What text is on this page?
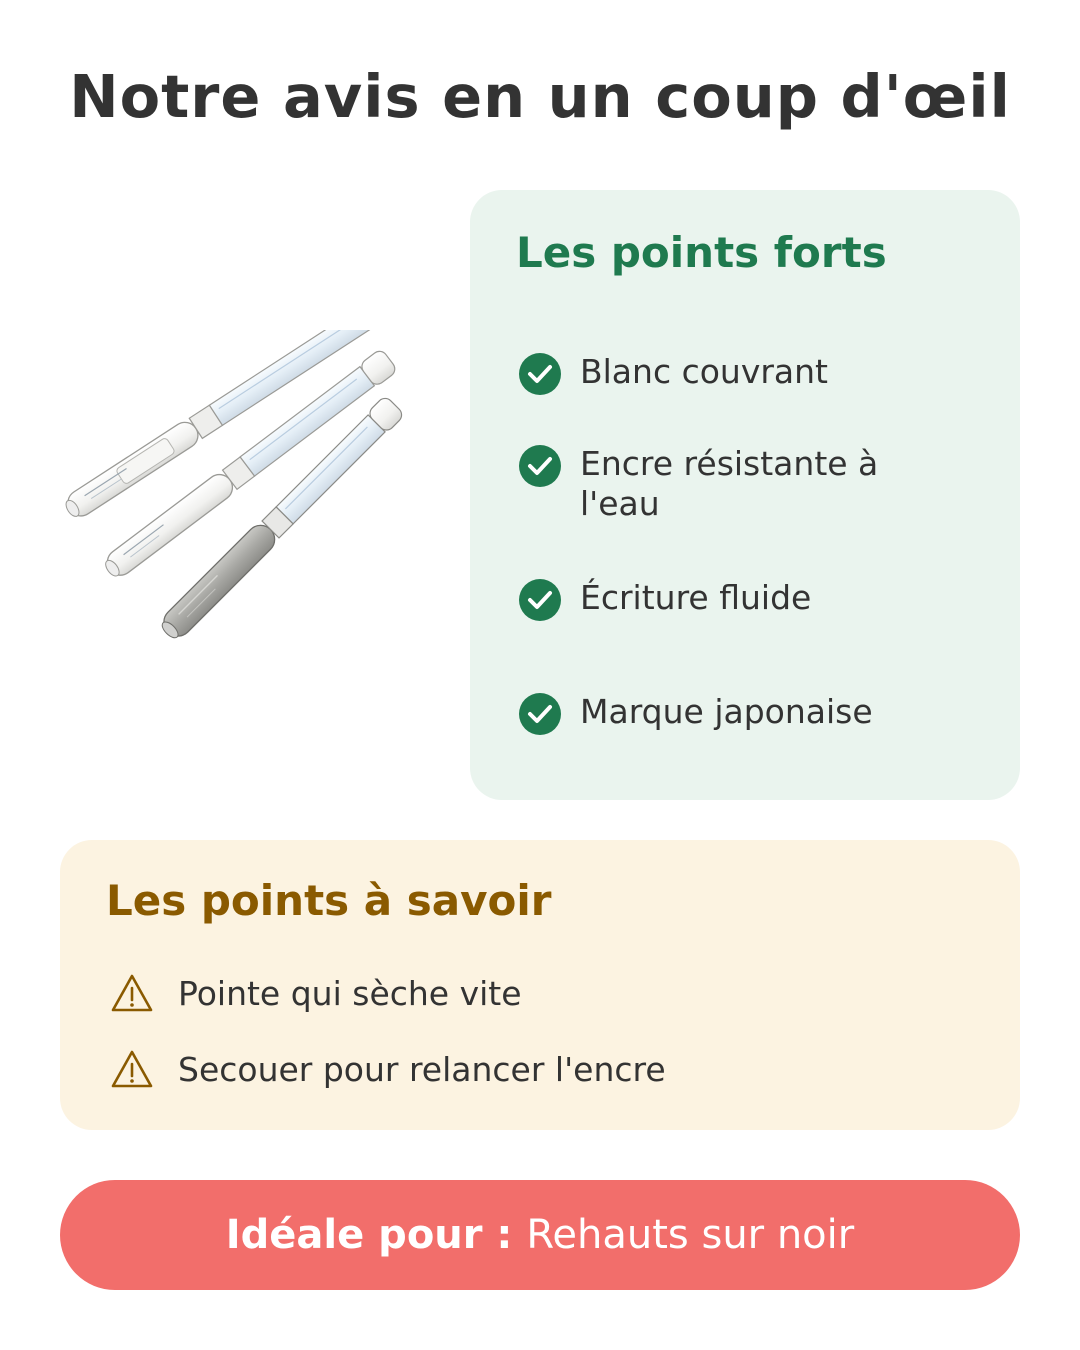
Notre avis en un coup d'œil
Les points forts
Blanc couvrant
Encre résistante à l'eau
Écriture fluide
Marque japonaise
Les points à savoir
Pointe qui sèche vite
Secouer pour relancer l'encre
Idéale pour : Rehauts sur noir
